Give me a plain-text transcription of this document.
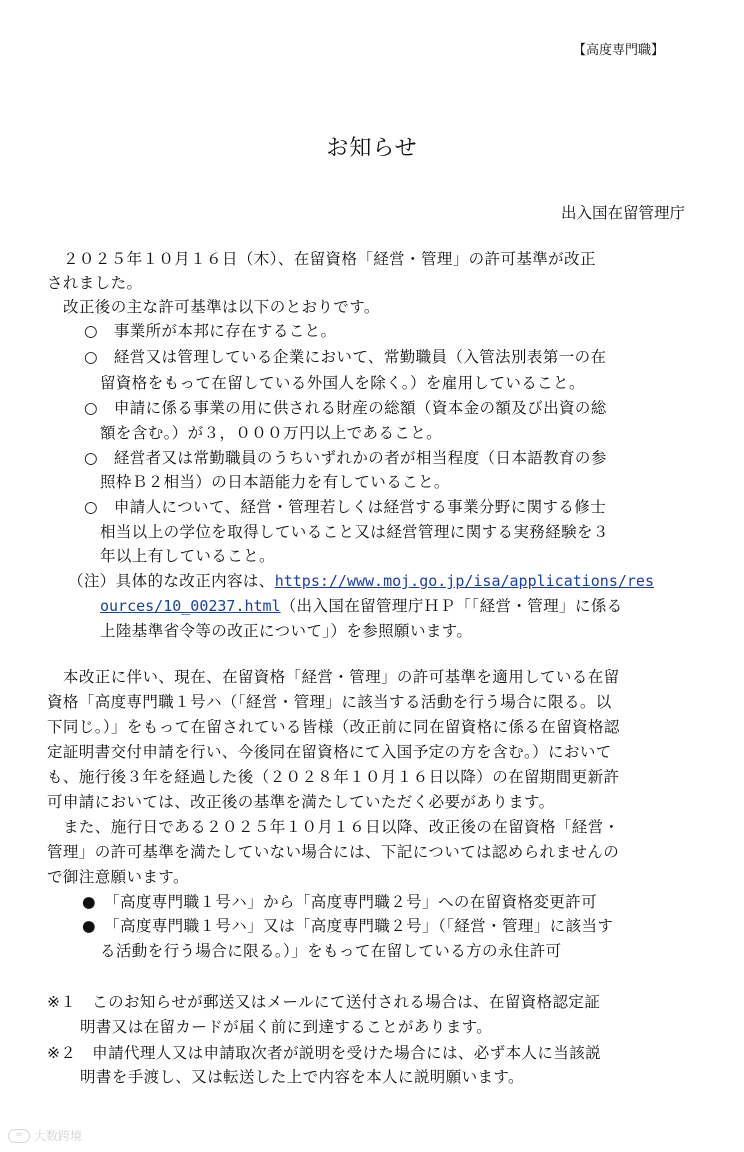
【高度専門職】
お知らせ
出入国在留管理庁
２０２５年１０月１６日（木）、在留資格「経営・管理」の許可基準が改正
されました。
改正後の主な許可基準は以下のとおりです。
○　事業所が本邦に存在すること。
○　経営又は管理している企業において、常勤職員（入管法別表第一の在
留資格をもって在留している外国人を除く。）を雇用していること。
○　申請に係る事業の用に供される財産の総額（資本金の額及び出資の総
額を含む。）が３，０００万円以上であること。
○　経営者又は常勤職員のうちいずれかの者が相当程度（日本語教育の参
照枠Ｂ２相当）の日本語能力を有していること。
○　申請人について、経営・管理若しくは経営する事業分野に関する修士
相当以上の学位を取得していること又は経営管理に関する実務経験を３
年以上有していること。
（注）具体的な改正内容は、https://www.moj.go.jp/isa/applications/res
ources/10_00237.html（出入国在留管理庁ＨＰ「「経営・管理」に係る
上陸基準省令等の改正について」）を参照願います。
本改正に伴い、現在、在留資格「経営・管理」の許可基準を適用している在留
資格「高度専門職１号ハ（「経営・管理」に該当する活動を行う場合に限る。以
下同じ。）」をもって在留されている皆様（改正前に同在留資格に係る在留資格認
定証明書交付申請を行い、今後同在留資格にて入国予定の方を含む。）において
も、施行後３年を経過した後（２０２８年１０月１６日以降）の在留期間更新許
可申請においては、改正後の基準を満たしていただく必要があります。
また、施行日である２０２５年１０月１６日以降、改正後の在留資格「経営・
管理」の許可基準を満たしていない場合には、下記については認められませんの
で御注意願います。
●　「高度専門職１号ハ」から「高度専門職２号」への在留資格変更許可
●　「高度専門職１号ハ」又は「高度専門職２号」（「経営・管理」に該当す
る活動を行う場合に限る。）」をもって在留している方の永住許可
※１　このお知らせが郵送又はメールにて送付される場合は、在留資格認定証
明書又は在留カードが届く前に到達することがあります。
※２　申請代理人又は申請取次者が説明を受けた場合には、必ず本人に当該説
明書を手渡し、又は転送した上で内容を本人に説明願います。
∞ 大数跨境
